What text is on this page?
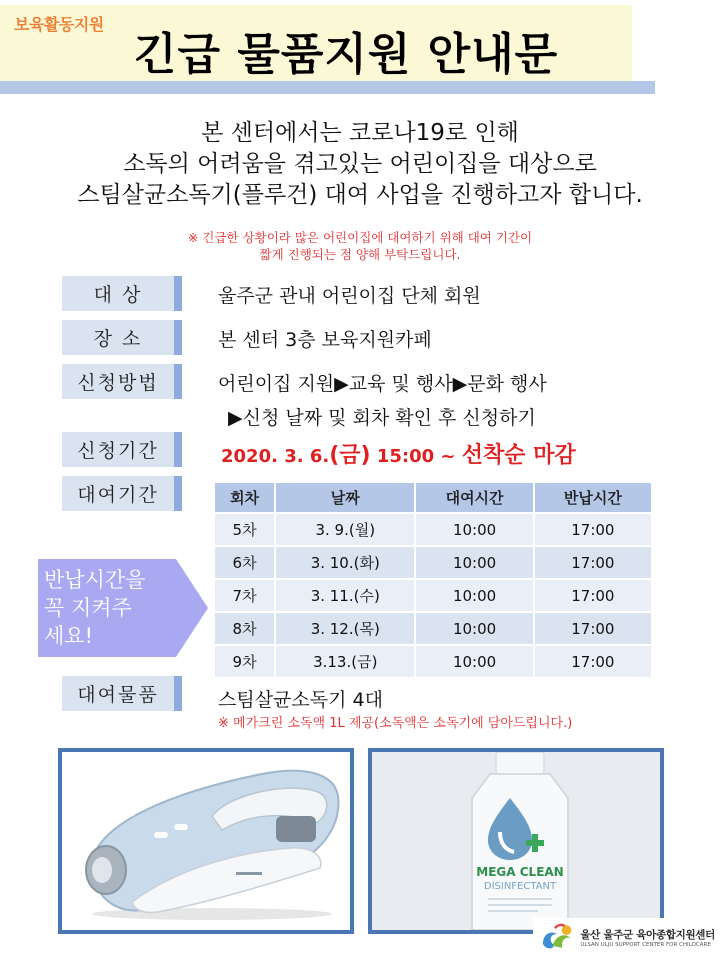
보육활동지원
긴급 물품지원 안내문
본 센터에서는 코로나19로 인해
소독의 어려움을 겪고있는 어린이집을 대상으로
스팀살균소독기(플루건) 대여 사업을 진행하고자 합니다.
※ 긴급한 상황이라 많은 어린이집에 대여하기 위해 대여 기간이
짧게 진행되는 점 양해 부탁드립니다.
대 상	울주군 관내 어린이집 단체 회원
장 소	본 센터 3층 보육지원카페
신청방법	어린이집 지원▶교육 및 행사▶문화 행사
▶신청 날짜 및 회차 확인 후 신청하기
신청기간	2020. 3. 6.(금) 15:00 ~ 선착순 마감
대여기간	회차	날짜	대여시간	반납시간
5차	3. 9.(월)	10:00	17:00
6차	3. 10.(화)	10:00	17:00
7차	3. 11.(수)	10:00	17:00
8차	3. 12.(목)	10:00	17:00
9차	3.13.(금)	10:00	17:00
반납시간을
꼭 지켜주
세요!
대여물품	스팀살균소독기 4대
※ 메가크린 소독액 1L 제공(소독액은 소독기에 담아드립니다.)
MEGA CLEAN
DISINFECTANT
울산 울주군 육아종합지원센터
ULSAN ULJU SUPPORT CENTER FOR CHILDCARE
